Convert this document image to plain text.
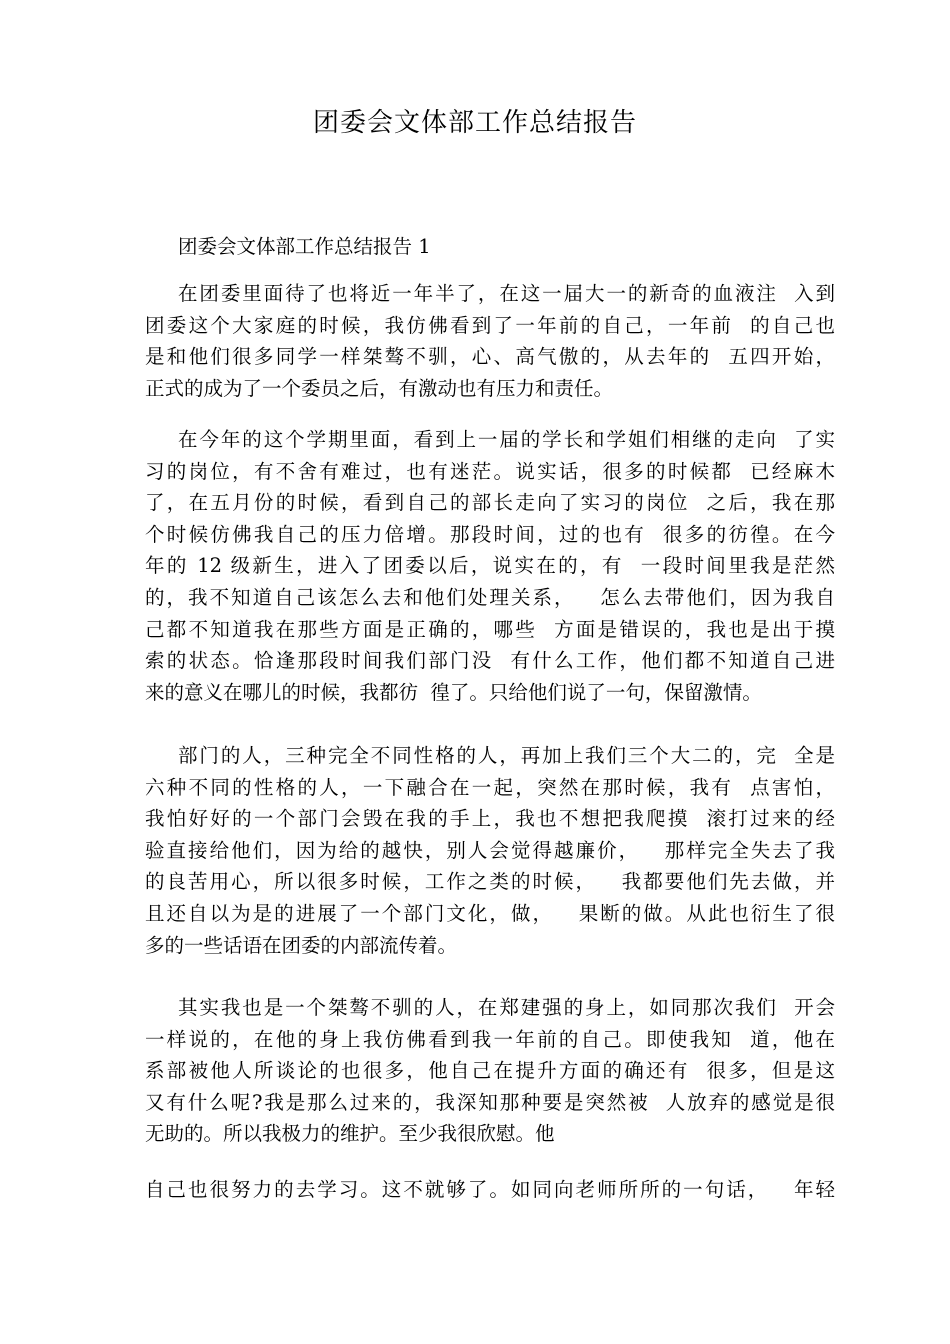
团委会文体部工作总结报告
团委会文体部工作总结报告 1
在团委里面待了也将近一年半了，在这一届大一的新奇的血液注  入到
团委这个大家庭的时候，我仿佛看到了一年前的自己，一年前  的自己也
是和他们很多同学一样桀骜不驯，心、高气傲的，从去年的  五四开始，
正式的成为了一个委员之后，有激动也有压力和责任。
在今年的这个学期里面，看到上一届的学长和学姐们相继的走向  了实
习的岗位，有不舍有难过，也有迷茫。说实话，很多的时候都  已经麻木
了，在五月份的时候，看到自己的部长走向了实习的岗位  之后，我在那
个时候仿佛我自己的压力倍增。那段时间，过的也有  很多的彷徨。在今
年的 12 级新生，进入了团委以后，说实在的，有  一段时间里我是茫然
的，我不知道自己该怎么去和他们处理关系，   怎么去带他们，因为我自
己都不知道我在那些方面是正确的，哪些  方面是错误的，我也是出于摸
索的状态。恰逢那段时间我们部门没  有什么工作，他们都不知道自己进
来的意义在哪儿的时候，我都彷  徨了。只给他们说了一句，保留激情。
部门的人，三种完全不同性格的人，再加上我们三个大二的，完  全是
六种不同的性格的人，一下融合在一起，突然在那时候，我有  点害怕，
我怕好好的一个部门会毁在我的手上，我也不想把我爬摸  滚打过来的经
验直接给他们，因为给的越快，别人会觉得越廉价，   那样完全失去了我
的良苦用心，所以很多时候，工作之类的时候，   我都要他们先去做，并
且还自以为是的进展了一个部门文化，做，   果断的做。从此也衍生了很
多的一些话语在团委的内部流传着。
其实我也是一个桀骜不驯的人，在郑建强的身上，如同那次我们  开会
一样说的，在他的身上我仿佛看到我一年前的自己。即使我知  道，他在
系部被他人所谈论的也很多，他自己在提升方面的确还有  很多，但是这
又有什么呢?我是那么过来的，我深知那种要是突然被  人放弃的感觉是很
无助的。所以我极力的维护。至少我很欣慰。他
自己也很努力的去学习。这不就够了。如同向老师所所的一句话，   年轻
